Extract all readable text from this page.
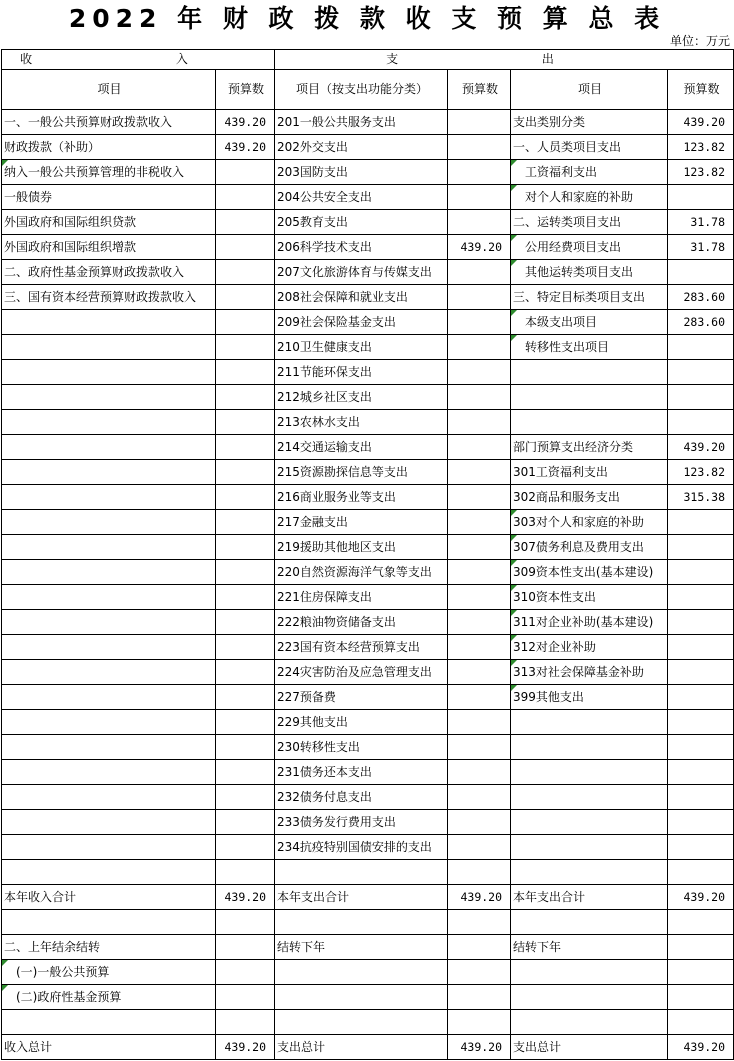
2022 年 财 政 拨 款 收 支 预 算 总 表
单位：万元
收 入		支 出			
项目	预算数	项目（按支出功能分类）	预算数	项目	预算数
一、一般公共预算财政拨款收入	439.20	201一般公共服务支出		支出类别分类	439.20
财政拨款（补助）	439.20	202外交支出		一、人员类项目支出	123.82
纳入一般公共预算管理的非税收入		203国防支出		工资福利支出	123.82
一般债券		204公共安全支出		对个人和家庭的补助	
外国政府和国际组织贷款		205教育支出		二、运转类项目支出	31.78
外国政府和国际组织增款		206科学技术支出	439.20	公用经费项目支出	31.78
二、政府性基金预算财政拨款收入		207文化旅游体育与传媒支出		其他运转类项目支出	
三、国有资本经营预算财政拨款收入		208社会保障和就业支出		三、特定目标类项目支出	283.60
		209社会保险基金支出		本级支出项目	283.60
		210卫生健康支出		转移性支出项目	
		211节能环保支出			
		212城乡社区支出			
		213农林水支出			
		214交通运输支出		部门预算支出经济分类	439.20
		215资源勘探信息等支出		301工资福利支出	123.82
		216商业服务业等支出		302商品和服务支出	315.38
		217金融支出		303对个人和家庭的补助	
		219援助其他地区支出		307债务利息及费用支出	
		220自然资源海洋气象等支出		309资本性支出(基本建设)	
		221住房保障支出		310资本性支出	
		222粮油物资储备支出		311对企业补助(基本建设)	
		223国有资本经营预算支出		312对企业补助	
		224灾害防治及应急管理支出		313对社会保障基金补助	
		227预备费		399其他支出	
		229其他支出			
		230转移性支出			
		231债务还本支出			
		232债务付息支出			
		233债务发行费用支出			
		234抗疫特别国债安排的支出			

本年收入合计	439.20	本年支出合计	439.20	本年支出合计	439.20

二、上年结余结转		结转下年		结转下年	
(一)一般公共预算					
(二)政府性基金预算					

收入总计	439.20	支出总计	439.20	支出总计	439.20
